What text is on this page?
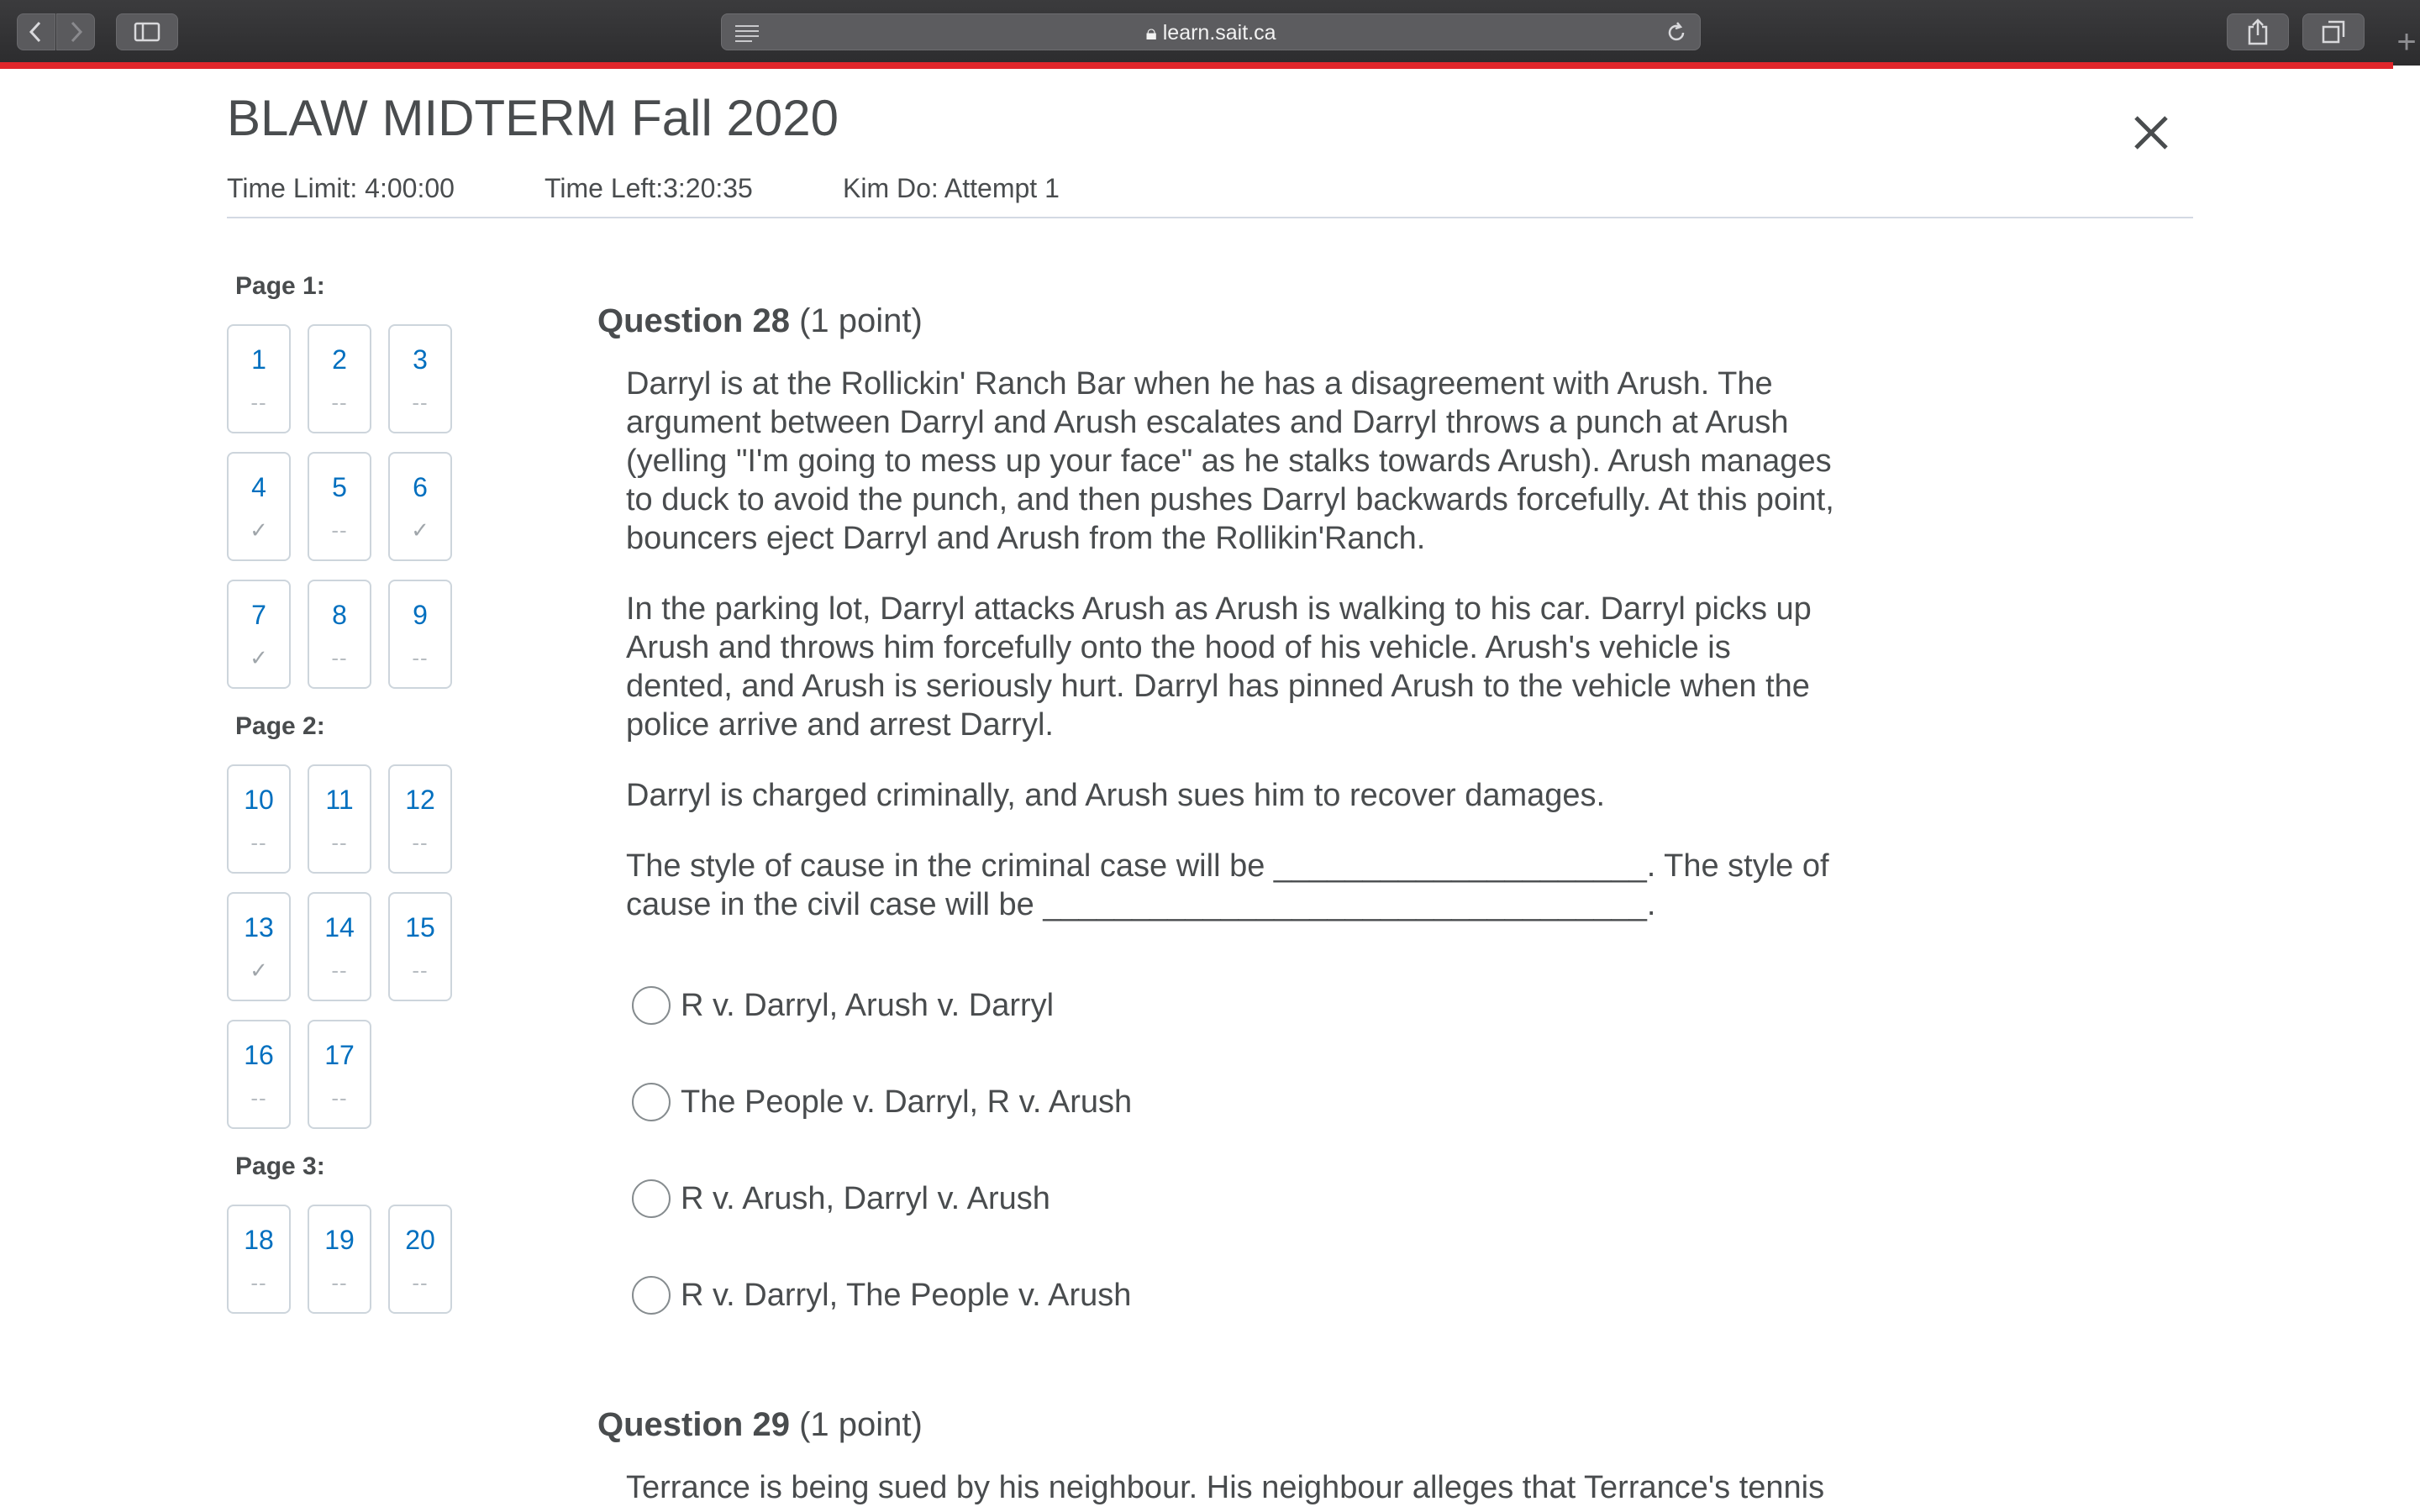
🔒︎ learn.sait.ca	+
BLAW MIDTERM Fall 2020
Time Limit: 4:00:00	Time Left:3:20:35	Kim Do: Attempt 1
Page 1:
Page 2:
Page 3:
1
--
2
--
3
--
4
✓
5
--
6
✓
7
✓
8
--
9
--
10
--
11
--
12
--
13
✓
14
--
15
--
16
--
17
--
18
--
19
--
20
--
Question 28 (1 point)

Darryl is at the Rollickin' Ranch Bar when he has a disagreement with Arush. The argument between Darryl and Arush escalates and Darryl throws a punch at Arush (yelling "I'm going to mess up your face" as he stalks towards Arush). Arush manages to duck to avoid the punch, and then pushes Darryl backwards forcefully. At this point, bouncers eject Darryl and Arush from the Rollikin'Ranch.

In the parking lot, Darryl attacks Arush as Arush is walking to his car. Darryl picks up Arush and throws him forcefully onto the hood of his vehicle. Arush's vehicle is dented, and Arush is seriously hurt. Darryl has pinned Arush to the vehicle when the police arrive and arrest Darryl.

Darryl is charged criminally, and Arush sues him to recover damages.

The style of cause in the criminal case will be _____________________. The style of cause in the civil case will be __________________________________.

R v. Darryl, Arush v. Darryl
The People v. Darryl, R v. Arush
R v. Arush, Darryl v. Arush
R v. Darryl, The People v. Arush
Question 29 (1 point)
Terrance is being sued by his neighbour. His neighbour alleges that Terrance's tennis
